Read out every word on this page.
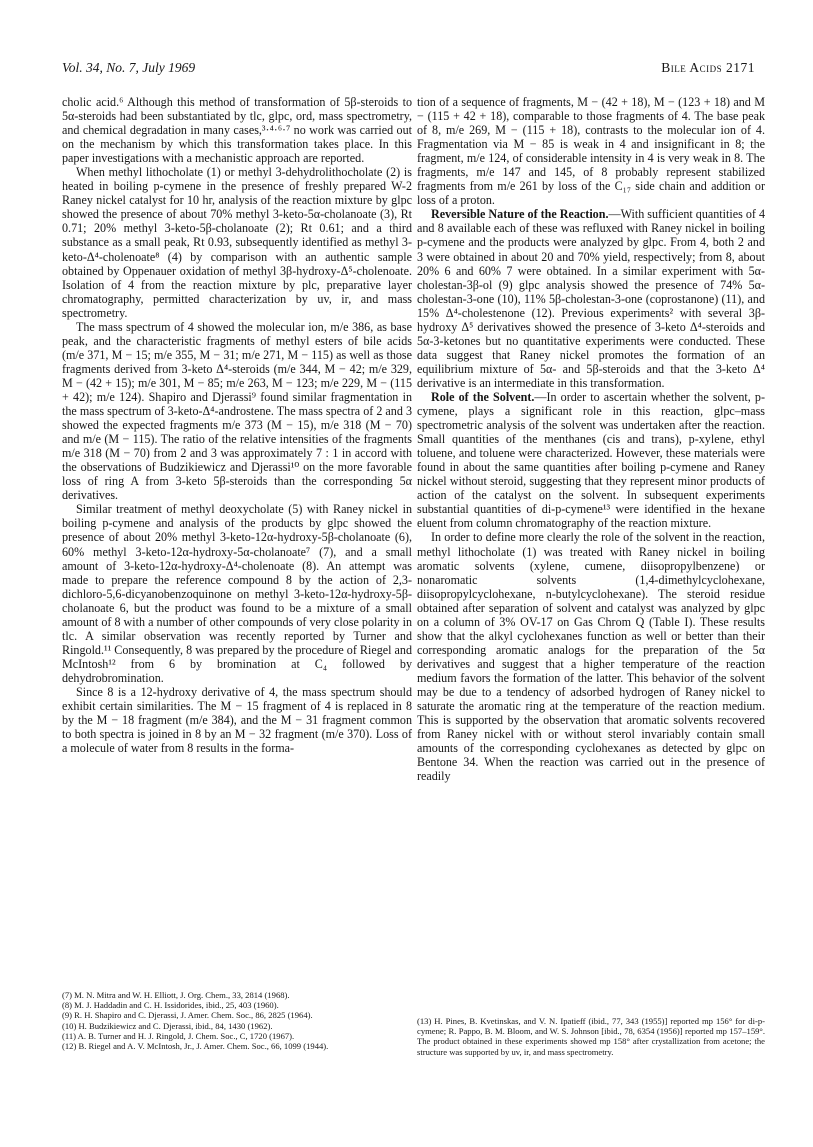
Vol. 34, No. 7, July 1969	Bile Acids 2171

cholic acid.⁶ Although this method of transformation of 5β-steroids to 5α-steroids had been substantiated by tlc, glpc, ord, mass spectrometry, and chemical degradation in many cases,³·⁴·⁶·⁷ no work was carried out on the mechanism by which this transformation takes place. In this paper investigations with a mechanistic approach are reported.

When methyl lithocholate (1) or methyl 3-dehydrolithocholate (2) is heated in boiling p-cymene in the presence of freshly prepared W-2 Raney nickel catalyst for 10 hr, analysis of the reaction mixture by glpc showed the presence of about 70% methyl 3-keto-5α-cholanoate (3), Rt 0.71; 20% methyl 3-keto-5β-cholanoate (2); Rt 0.61; and a third substance as a small peak, Rt 0.93, subsequently identified as methyl 3-keto-Δ⁴-cholenoate⁸ (4) by comparison with an authentic sample obtained by Oppenauer oxidation of methyl 3β-hydroxy-Δ⁵-cholenoate. Isolation of 4 from the reaction mixture by plc, preparative layer chromatography, permitted characterization by uv, ir, and mass spectrometry.

The mass spectrum of 4 showed the molecular ion, m/e 386, as base peak, and the characteristic fragments of methyl esters of bile acids (m/e 371, M − 15; m/e 355, M − 31; m/e 271, M − 115) as well as those fragments derived from 3-keto Δ⁴-steroids (m/e 344, M − 42; m/e 329, M − (42 + 15); m/e 301, M − 85; m/e 263, M − 123; m/e 229, M − (115 + 42); m/e 124). Shapiro and Djerassi⁹ found similar fragmentation in the mass spectrum of 3-keto-Δ⁴-androstene. The mass spectra of 2 and 3 showed the expected fragments m/e 373 (M − 15), m/e 318 (M − 70) and m/e (M − 115). The ratio of the relative intensities of the fragments m/e 318 (M − 70) from 2 and 3 was approximately 7 : 1 in accord with the observations of Budzikiewicz and Djerassi¹⁰ on the more favorable loss of ring A from 3-keto 5β-steroids than the corresponding 5α derivatives.

Similar treatment of methyl deoxycholate (5) with Raney nickel in boiling p-cymene and analysis of the products by glpc showed the presence of about 20% methyl 3-keto-12α-hydroxy-5β-cholanoate (6), 60% methyl 3-keto-12α-hydroxy-5α-cholanoate⁷ (7), and a small amount of 3-keto-12α-hydroxy-Δ⁴-cholenoate (8). An attempt was made to prepare the reference compound 8 by the action of 2,3-dichloro-5,6-dicyanobenzoquinone on methyl 3-keto-12α-hydroxy-5β-cholanoate 6, but the product was found to be a mixture of a small amount of 8 with a number of other compounds of very close polarity in tlc. A similar observation was recently reported by Turner and Ringold.¹¹ Consequently, 8 was prepared by the procedure of Riegel and McIntosh¹² from 6 by bromination at C₄ followed by dehydrobromination.

Since 8 is a 12-hydroxy derivative of 4, the mass spectrum should exhibit certain similarities. The M − 15 fragment of 4 is replaced in 8 by the M − 18 fragment (m/e 384), and the M − 31 fragment common to both spectra is joined in 8 by an M − 32 fragment (m/e 370). Loss of a molecule of water from 8 results in the forma-

tion of a sequence of fragments, M − (42 + 18), M − (123 + 18) and M − (115 + 42 + 18), comparable to those fragments of 4. The base peak of 8, m/e 269, M − (115 + 18), contrasts to the molecular ion of 4. Fragmentation via M − 85 is weak in 4 and insignificant in 8; the fragment, m/e 124, of considerable intensity in 4 is very weak in 8. The fragments, m/e 147 and 145, of 8 probably represent stabilized fragments from m/e 261 by loss of the C₁₇ side chain and addition or loss of a proton.

Reversible Nature of the Reaction.—With sufficient quantities of 4 and 8 available each of these was refluxed with Raney nickel in boiling p-cymene and the products were analyzed by glpc. From 4, both 2 and 3 were obtained in about 20 and 70% yield, respectively; from 8, about 20% 6 and 60% 7 were obtained. In a similar experiment with 5α-cholestan-3β-ol (9) glpc analysis showed the presence of 74% 5α-cholestan-3-one (10), 11% 5β-cholestan-3-one (coprostanone) (11), and 15% Δ⁴-cholestenone (12). Previous experiments² with several 3β-hydroxy Δ⁵ derivatives showed the presence of 3-keto Δ⁴-steroids and 5α-3-ketones but no quantitative experiments were conducted. These data suggest that Raney nickel promotes the formation of an equilibrium mixture of 5α- and 5β-steroids and that the 3-keto Δ⁴ derivative is an intermediate in this transformation.

Role of the Solvent.—In order to ascertain whether the solvent, p-cymene, plays a significant role in this reaction, glpc–mass spectrometric analysis of the solvent was undertaken after the reaction. Small quantities of the menthanes (cis and trans), p-xylene, ethyl toluene, and toluene were characterized. However, these materials were found in about the same quantities after boiling p-cymene and Raney nickel without steroid, suggesting that they represent minor products of action of the catalyst on the solvent. In subsequent experiments substantial quantities of di-p-cymene¹³ were identified in the hexane eluent from column chromatography of the reaction mixture.

In order to define more clearly the role of the solvent in the reaction, methyl lithocholate (1) was treated with Raney nickel in boiling aromatic solvents (xylene, cumene, diisopropylbenzene) or nonaromatic solvents (1,4-dimethylcyclohexane, diisopropylcyclohexane, n-butylcyclohexane). The steroid residue obtained after separation of solvent and catalyst was analyzed by glpc on a column of 3% OV-17 on Gas Chrom Q (Table I). These results show that the alkyl cyclohexanes function as well or better than their corresponding aromatic analogs for the preparation of the 5α derivatives and suggest that a higher temperature of the reaction medium favors the formation of the latter. This behavior of the solvent may be due to a tendency of adsorbed hydrogen of Raney nickel to saturate the aromatic ring at the temperature of the reaction medium. This is supported by the observation that aromatic solvents recovered from Raney nickel with or without sterol invariably contain small amounts of the corresponding cyclohexanes as detected by glpc on Bentone 34. When the reaction was carried out in the presence of readily

(7) M. N. Mitra and W. H. Elliott, J. Org. Chem., 33, 2814 (1968).
(8) M. J. Haddadin and C. H. Issidorides, ibid., 25, 403 (1960).
(9) R. H. Shapiro and C. Djerassi, J. Amer. Chem. Soc., 86, 2825 (1964).
(10) H. Budzikiewicz and C. Djerassi, ibid., 84, 1430 (1962).
(11) A. B. Turner and H. J. Ringold, J. Chem. Soc., C, 1720 (1967).
(12) B. Riegel and A. V. McIntosh, Jr., J. Amer. Chem. Soc., 66, 1099 (1944).
(13) H. Pines, B. Kvetinskas, and V. N. Ipatieff (ibid., 77, 343 (1955)] reported mp 156° for di-p-cymene; R. Pappo, B. M. Bloom, and W. S. Johnson [ibid., 78, 6354 (1956)] reported mp 157–159°. The product obtained in these experiments showed mp 158° after crystallization from acetone; the structure was supported by uv, ir, and mass spectrometry.
